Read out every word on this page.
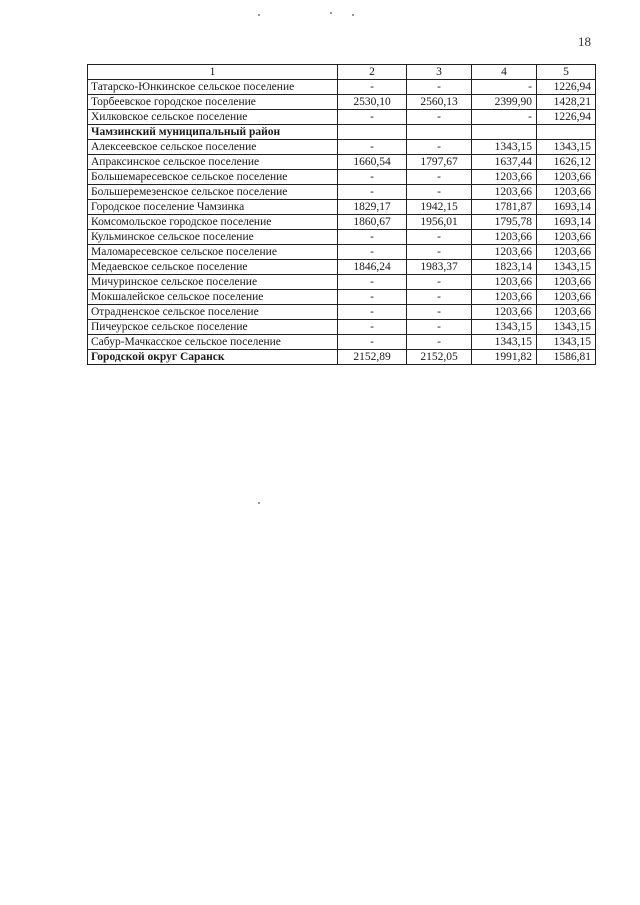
18
1	2	3	4	5
Татарско-Юнкинское сельское поселение	-	-	-	1226,94
Торбеевское городское поселение	2530,10	2560,13	2399,90	1428,21
Хилковское сельское поселение	-	-	-	1226,94
Чамзинский муниципальный район				
Алексеевское сельское поселение	-	-	1343,15	1343,15
Апраксинское сельское поселение	1660,54	1797,67	1637,44	1626,12
Большемаресевское сельское поселение	-	-	1203,66	1203,66
Большеремезенское сельское поселение	-	-	1203,66	1203,66
Городское поселение Чамзинка	1829,17	1942,15	1781,87	1693,14
Комсомольское городское поселение	1860,67	1956,01	1795,78	1693,14
Кульминское сельское поселение	-	-	1203,66	1203,66
Маломаресевское сельское поселение	-	-	1203,66	1203,66
Медаевское сельское поселение	1846,24	1983,37	1823,14	1343,15
Мичуринское сельское поселение	-	-	1203,66	1203,66
Мокшалейское сельское поселение	-	-	1203,66	1203,66
Отрадненское сельское поселение	-	-	1203,66	1203,66
Пичеурское сельское поселение	-	-	1343,15	1343,15
Сабур-Мачкасское сельское поселение	-	-	1343,15	1343,15
Городской округ Саранск	2152,89	2152,05	1991,82	1586,81
